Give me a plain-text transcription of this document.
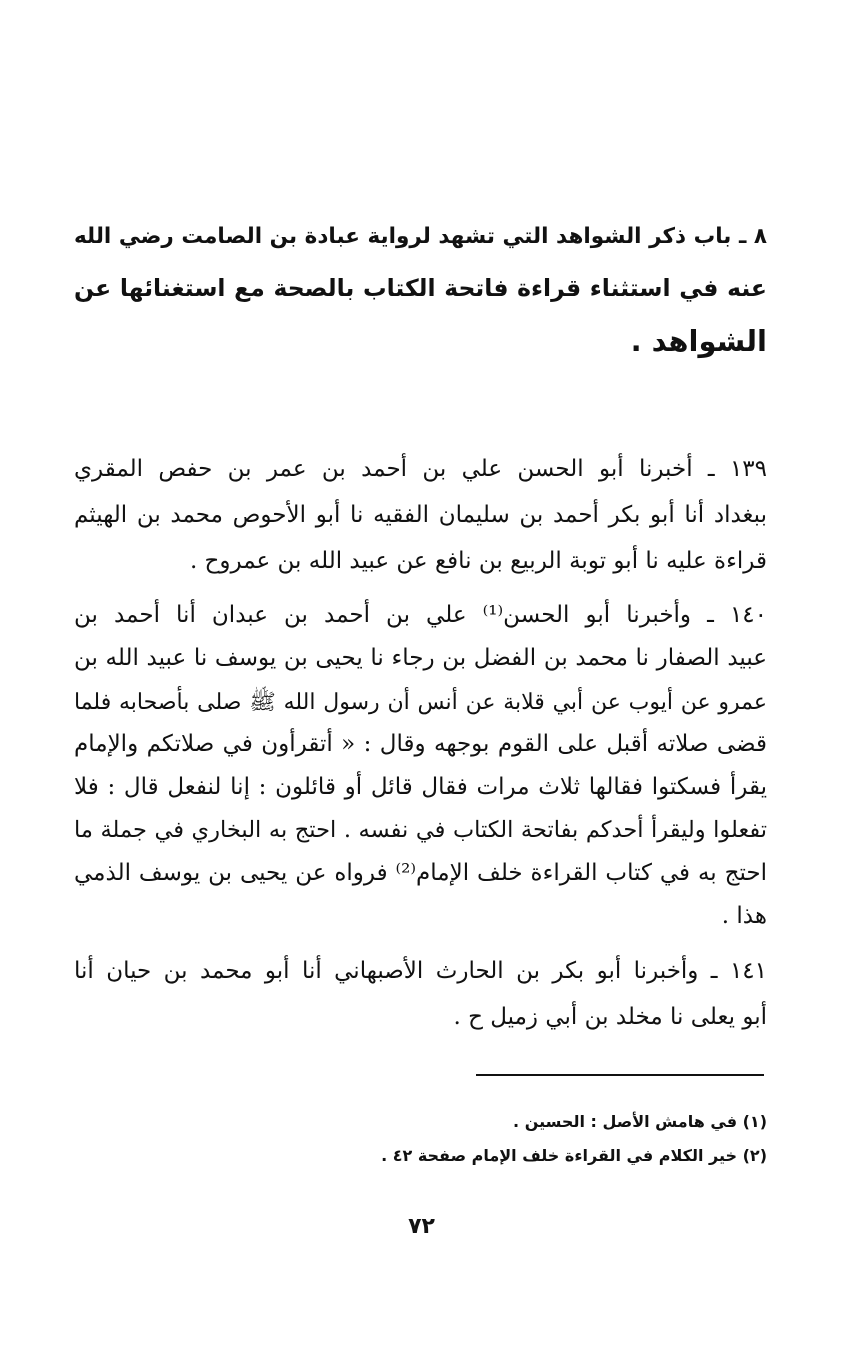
٨ ـ باب ذكر الشواهد التي تشهد لرواية عبادة بن الصامت رضي الله

عنه في استثناء قراءة فاتحة الكتاب بالصحة مع استغنائها عن

الشواهد .

١٣٩ ـ أخبرنا أبو الحسن علي بن أحمد بن عمر بن حفص المقري

ببغداد أنا أبو بكر أحمد بن سليمان الفقيه نا أبو الأحوص محمد بن الهيثم

قراءة عليه نا أبو توبة الربيع بن نافع عن عبيد الله بن عمروح .

١٤٠ ـ وأخبرنا أبو الحسن⁽¹⁾ علي بن أحمد بن عبدان أنا أحمد بن

عبيد الصفار نا محمد بن الفضل بن رجاء نا يحيى بن يوسف نا عبيد الله بن

عمرو عن أيوب عن أبي قلابة عن أنس أن رسول الله ﷺ صلى بأصحابه فلما

قضى صلاته أقبل على القوم بوجهه وقال : « أتقرأون في صلاتكم والإمام

يقرأ فسكتوا فقالها ثلاث مرات فقال قائل أو قائلون : إنا لنفعل قال : فلا

تفعلوا وليقرأ أحدكم بفاتحة الكتاب في نفسه . احتج به البخاري في جملة ما

احتج به في كتاب القراءة خلف الإمام⁽²⁾ فرواه عن يحيى بن يوسف الذمي

هذا .

١٤١ ـ وأخبرنا أبو بكر بن الحارث الأصبهاني أنا أبو محمد بن حيان أنا

أبو يعلى نا مخلد بن أبي زميل ح .

(١) في هامش الأصل : الحسين .

(٢) خير الكلام في القراءة خلف الإمام صفحة ٤٢ .

٧٢
